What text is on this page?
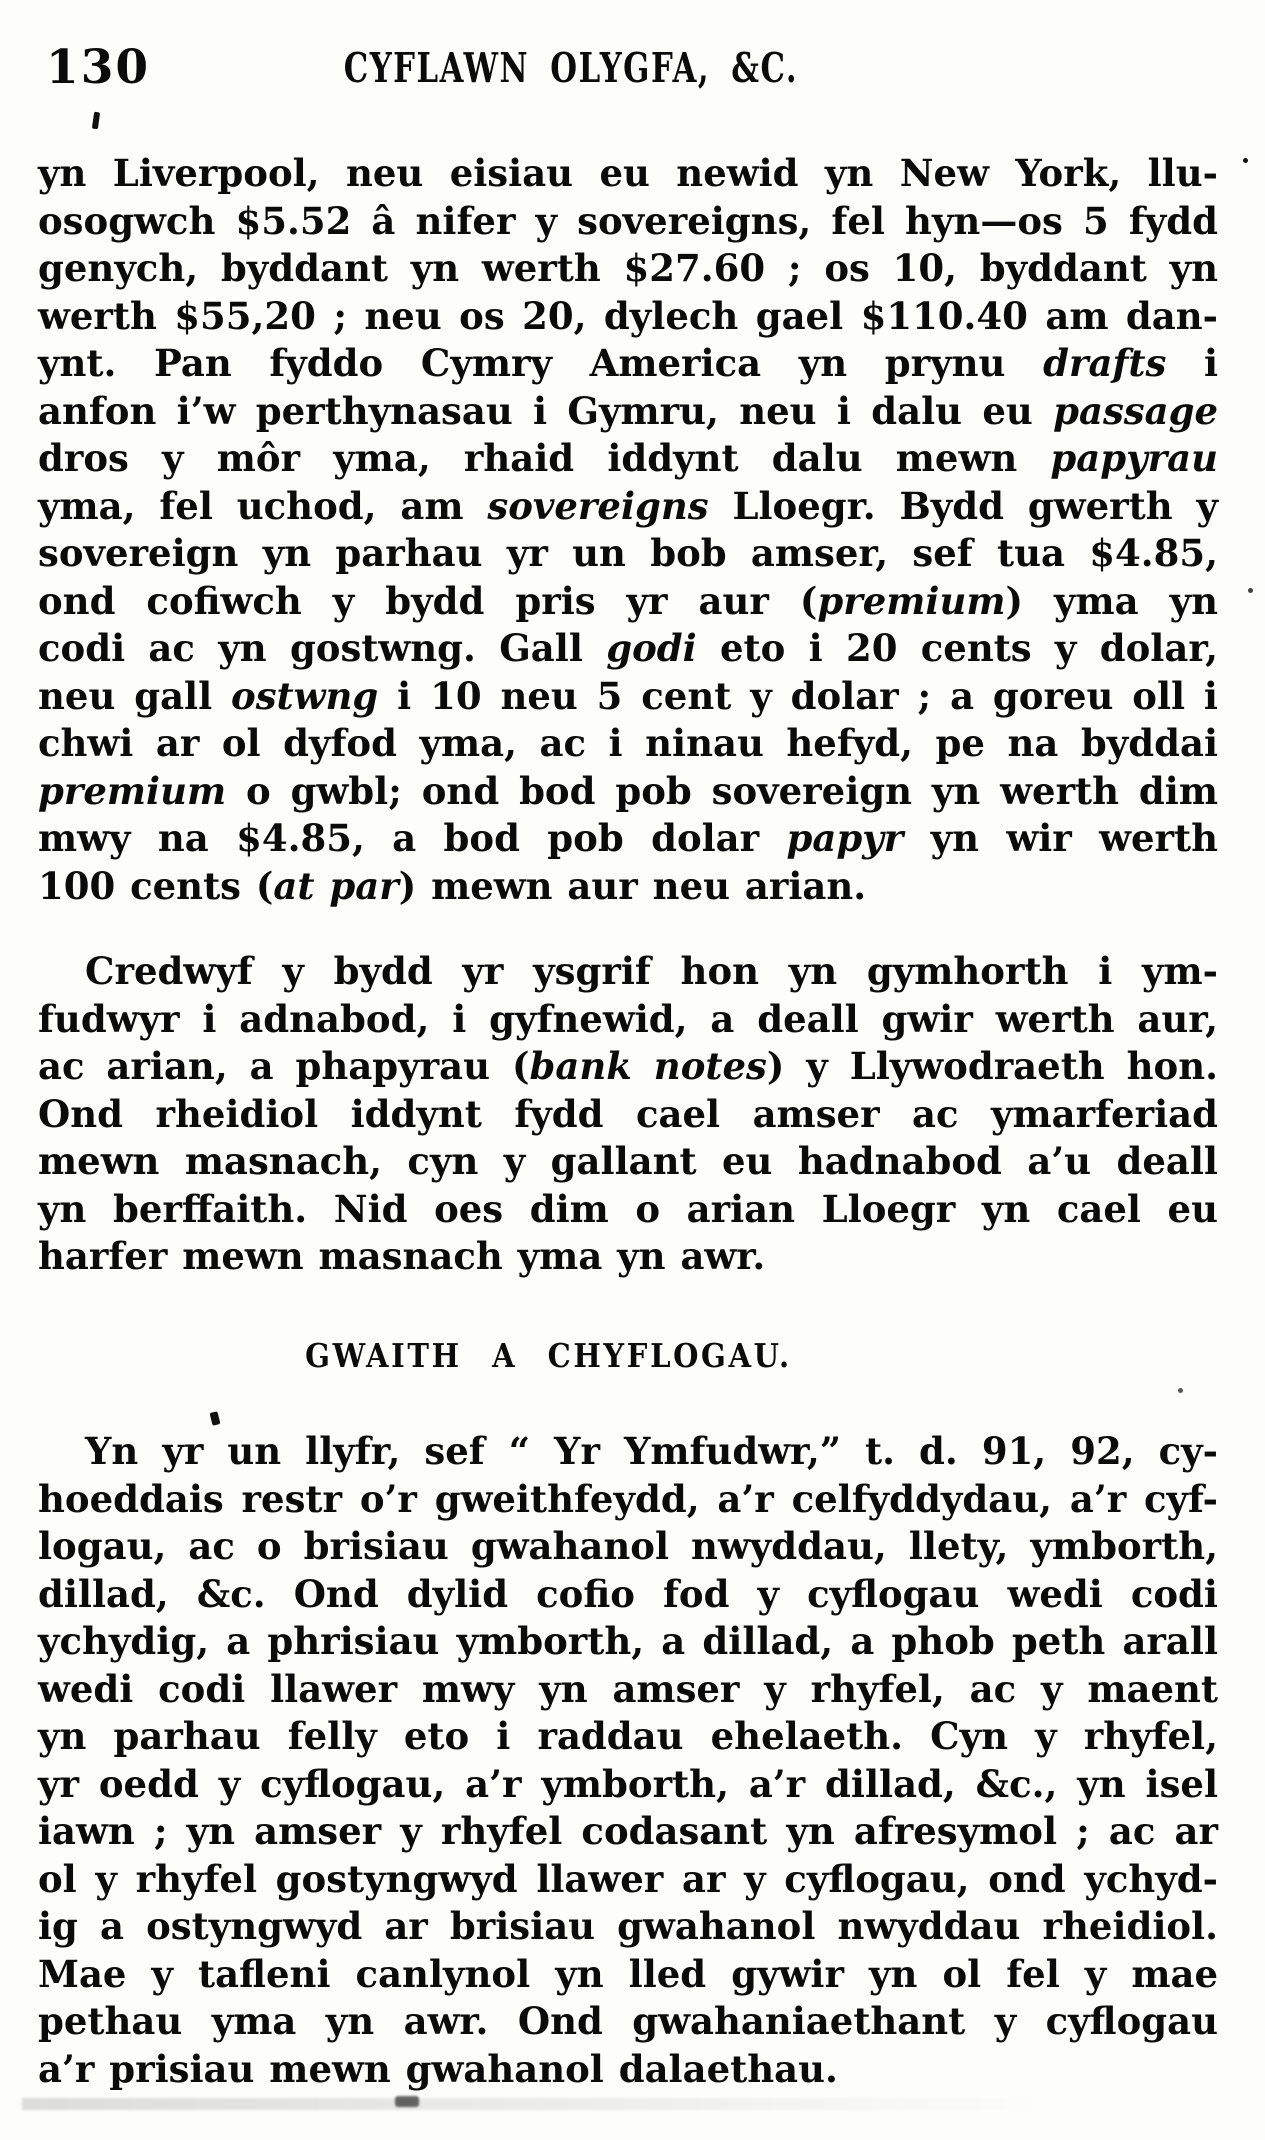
130	CYFLAWN OLYGFA, &C.
yn Liverpool, neu eisiau eu newid yn New York, llu-
osogwch $5.52 â nifer y sovereigns, fel hyn—os 5 fydd
genych, byddant yn werth $27.60 ; os 10, byddant yn
werth $55,20 ; neu os 20, dylech gael $110.40 am dan-
ynt. Pan fyddo Cymry America yn prynu drafts i
anfon i’w perthynasau i Gymru, neu i dalu eu passage
dros y môr yma, rhaid iddynt dalu mewn papyrau
yma, fel uchod, am sovereigns Lloegr. Bydd gwerth y
sovereign yn parhau yr un bob amser, sef tua $4.85,
ond cofiwch y bydd pris yr aur (premium) yma yn
codi ac yn gostwng. Gall godi eto i 20 cents y dolar,
neu gall ostwng i 10 neu 5 cent y dolar ; a goreu oll i
chwi ar ol dyfod yma, ac i ninau hefyd, pe na byddai
premium o gwbl; ond bod pob sovereign yn werth dim
mwy na $4.85, a bod pob dolar papyr yn wir werth
100 cents (at par) mewn aur neu arian.
Credwyf y bydd yr ysgrif hon yn gymhorth i ym-
fudwyr i adnabod, i gyfnewid, a deall gwir werth aur,
ac arian, a phapyrau (bank notes) y Llywodraeth hon.
Ond rheidiol iddynt fydd cael amser ac ymarferiad
mewn masnach, cyn y gallant eu hadnabod a’u deall
yn berffaith. Nid oes dim o arian Lloegr yn cael eu
harfer mewn masnach yma yn awr.
GWAITH A CHYFLOGAU.
Yn yr un llyfr, sef “ Yr Ymfudwr,” t. d. 91, 92, cy-
hoeddais restr o’r gweithfeydd, a’r celfyddydau, a’r cyf-
logau, ac o brisiau gwahanol nwyddau, llety, ymborth,
dillad, &c. Ond dylid cofio fod y cyflogau wedi codi
ychydig, a phrisiau ymborth, a dillad, a phob peth arall
wedi codi llawer mwy yn amser y rhyfel, ac y maent
yn parhau felly eto i raddau ehelaeth. Cyn y rhyfel,
yr oedd y cyflogau, a’r ymborth, a’r dillad, &c., yn isel
iawn ; yn amser y rhyfel codasant yn afresymol ; ac ar
ol y rhyfel gostyngwyd llawer ar y cyflogau, ond ychyd-
ig a ostyngwyd ar brisiau gwahanol nwyddau rheidiol.
Mae y tafleni canlynol yn lled gywir yn ol fel y mae
pethau yma yn awr. Ond gwahaniaethant y cyflogau
a’r prisiau mewn gwahanol dalaethau.
